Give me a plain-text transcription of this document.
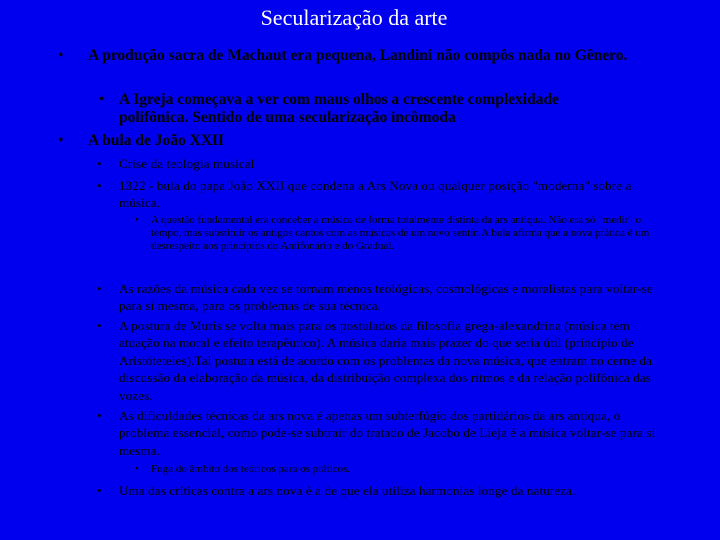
Secularização da arte
•	A produção sacra de Machaut era pequena, Landini não compôs nada no Gênero.
• A Igreja começava a ver com maus olhos a crescente complexidade polifônica. Sentido de uma secularização incômoda
•	A bula de João XXII
•	Crise da teologia musical
•	1322 - bula do papa João XXII que condena a Ars Nova ou qualquer posição "moderna" sobre a música.
•	A questão fundamental era conceber a música de forma totalmente distinta da ars antiqua. Não era só "medir" o tempo, mas substituir os antigos cantos com as músicas de um novo sentir. A bula afirma que a nova prática é um desrespeito aos princípios do Antifonário e do Gradual.
•	As razões da música cada vez se tornam menos teológicas, cosmológicas e moralistas para voltar-se para si mesma, para os problemas de sua técnica.
•	A postura de Muris se volta mais para os postulados da filosofia grega-alexandrina (música tem atuação na moral e efeito terapêutico). A música daria mais prazer do que seria útil (princípio de Aristóteteles).Tal postura está de acordo com os problemas da nova música, que entram no cerne da discussão da elaboração da música, da distribuição complexa dos ritmos e da relação polifônica das vozes.
•	As dificuldades técnicas da ars nova é apenas um subterfúgio dos partidários da ars antiqua, o problema essencial, como pode-se subtrair do tratado de Jacobo de Lieja é a música voltar-se para si mesma.
•	Fuga do âmbito dos teóricos para os práticos.
•	Uma das críticas contra a ars nova é a de que ela utiliza harmonias longe da natureza.
